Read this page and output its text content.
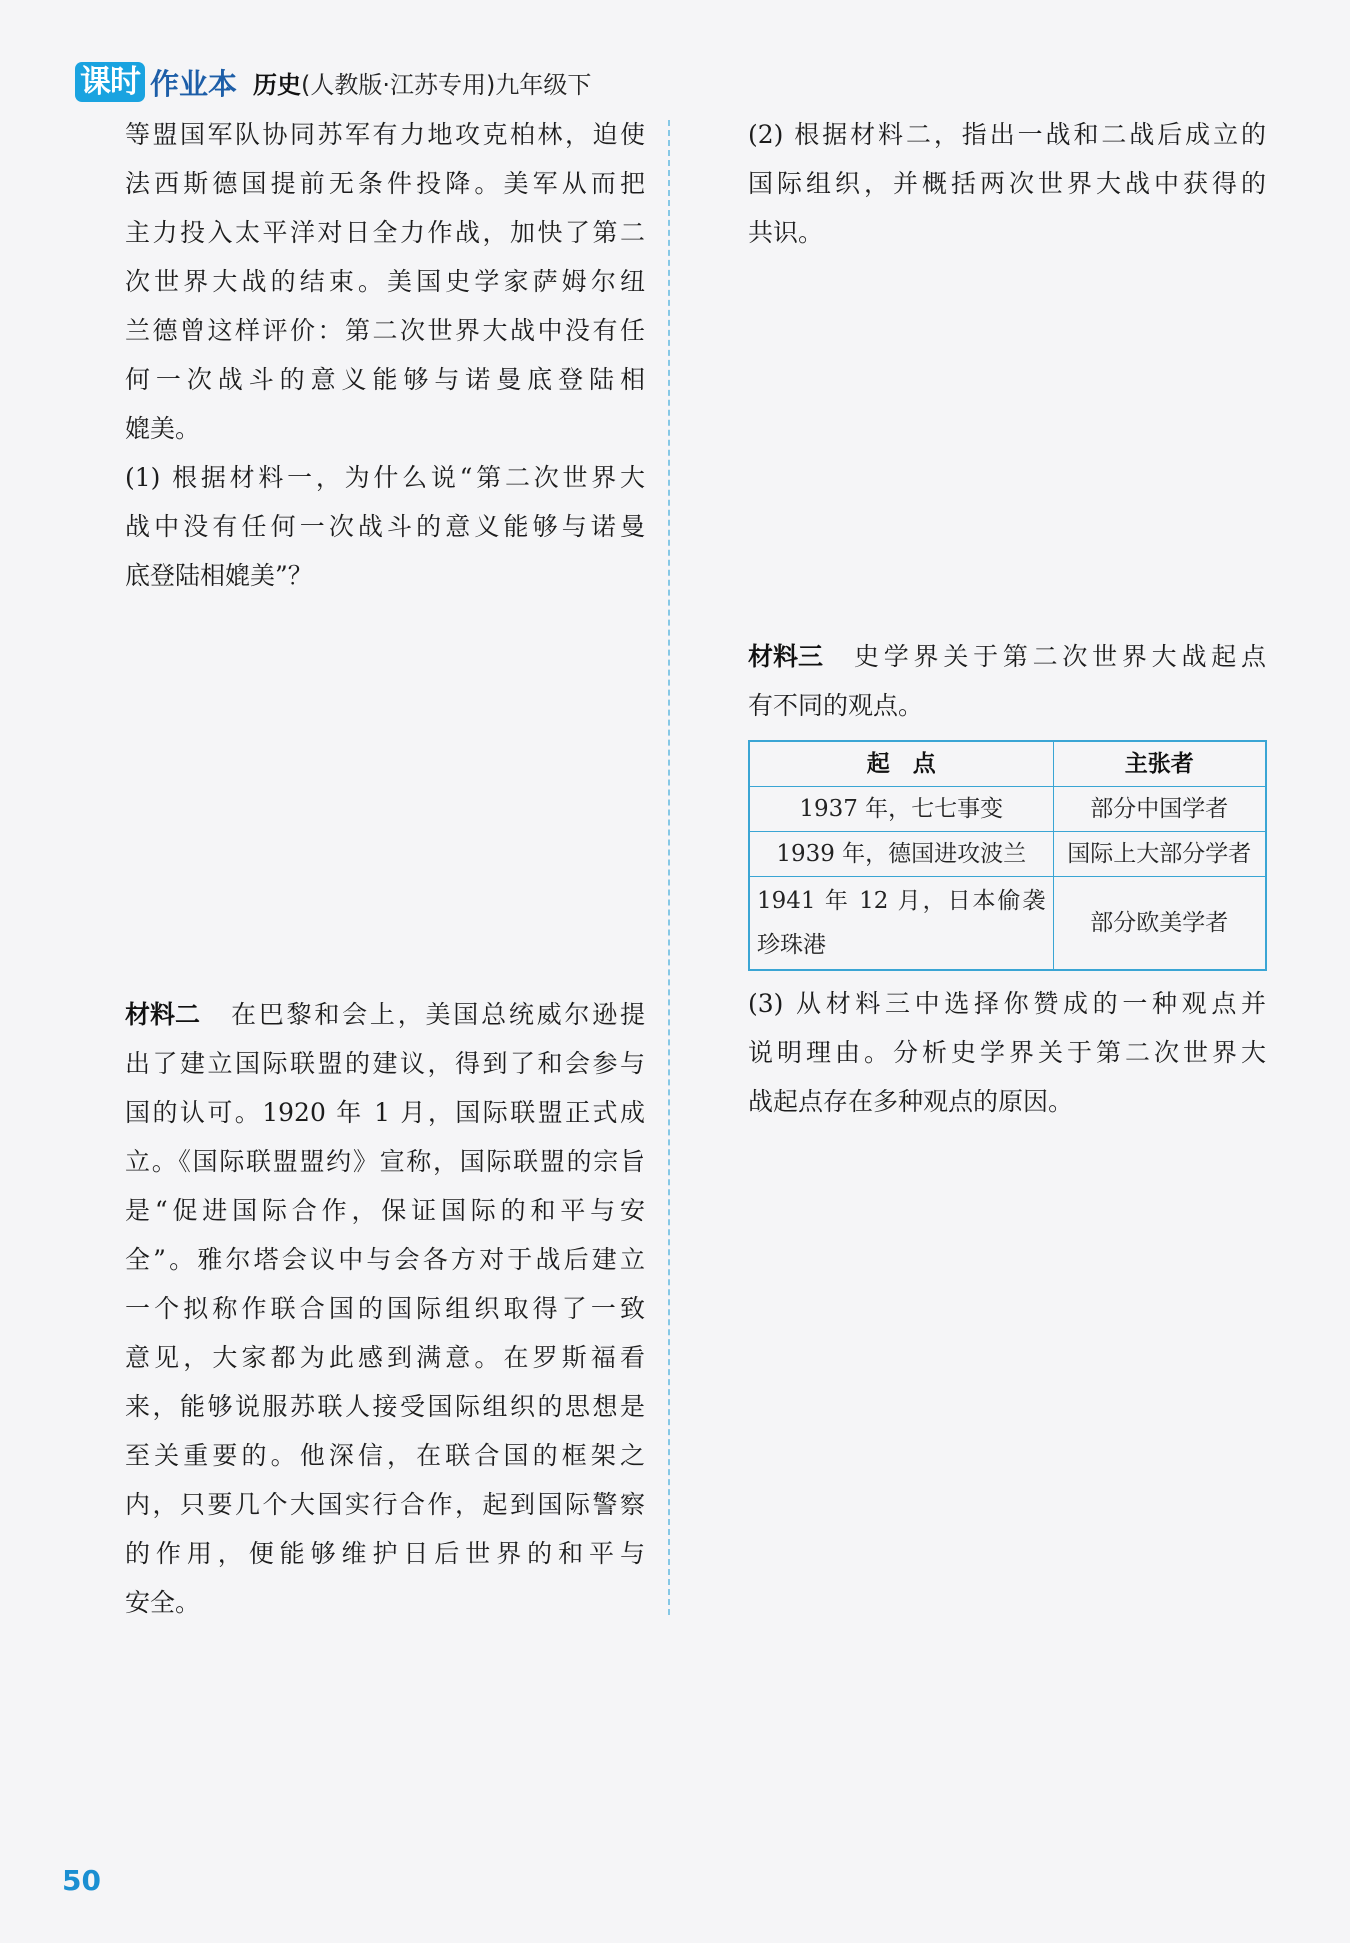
课时 作业本 历史 (人教版·江苏专用)九年级下
等盟国军队协同苏军有力地攻克柏林，迫使
法西斯德国提前无条件投降。美军从而把
主力投入太平洋对日全力作战，加快了第二
次世界大战的结束。美国史学家萨姆尔纽
兰德曾这样评价：第二次世界大战中没有任
何一次战斗的意义能够与诺曼底登陆相
媲美。
(1) 根据材料一，为什么说“第二次世界大
战中没有任何一次战斗的意义能够与诺曼
底登陆相媲美”？
材料二 在巴黎和会上，美国总统威尔逊提
出了建立国际联盟的建议，得到了和会参与
国的认可。1920 年 1 月，国际联盟正式成
立。《国际联盟盟约》宣称，国际联盟的宗旨
是“促进国际合作，保证国际的和平与安
全”。雅尔塔会议中与会各方对于战后建立
一个拟称作联合国的国际组织取得了一致
意见，大家都为此感到满意。在罗斯福看
来，能够说服苏联人接受国际组织的思想是
至关重要的。他深信，在联合国的框架之
内，只要几个大国实行合作，起到国际警察
的作用，便能够维护日后世界的和平与
安全。
(2) 根据材料二，指出一战和二战后成立的
国际组织，并概括两次世界大战中获得的
共识。
材料三 史学界关于第二次世界大战起点
有不同的观点。
起　点	主张者
1937 年，七七事变	部分中国学者
1939 年，德国进攻波兰	国际上大部分学者
1941 年 12 月，日本偷袭珍珠港	部分欧美学者
(3) 从材料三中选择你赞成的一种观点并
说明理由。分析史学界关于第二次世界大
战起点存在多种观点的原因。
50
